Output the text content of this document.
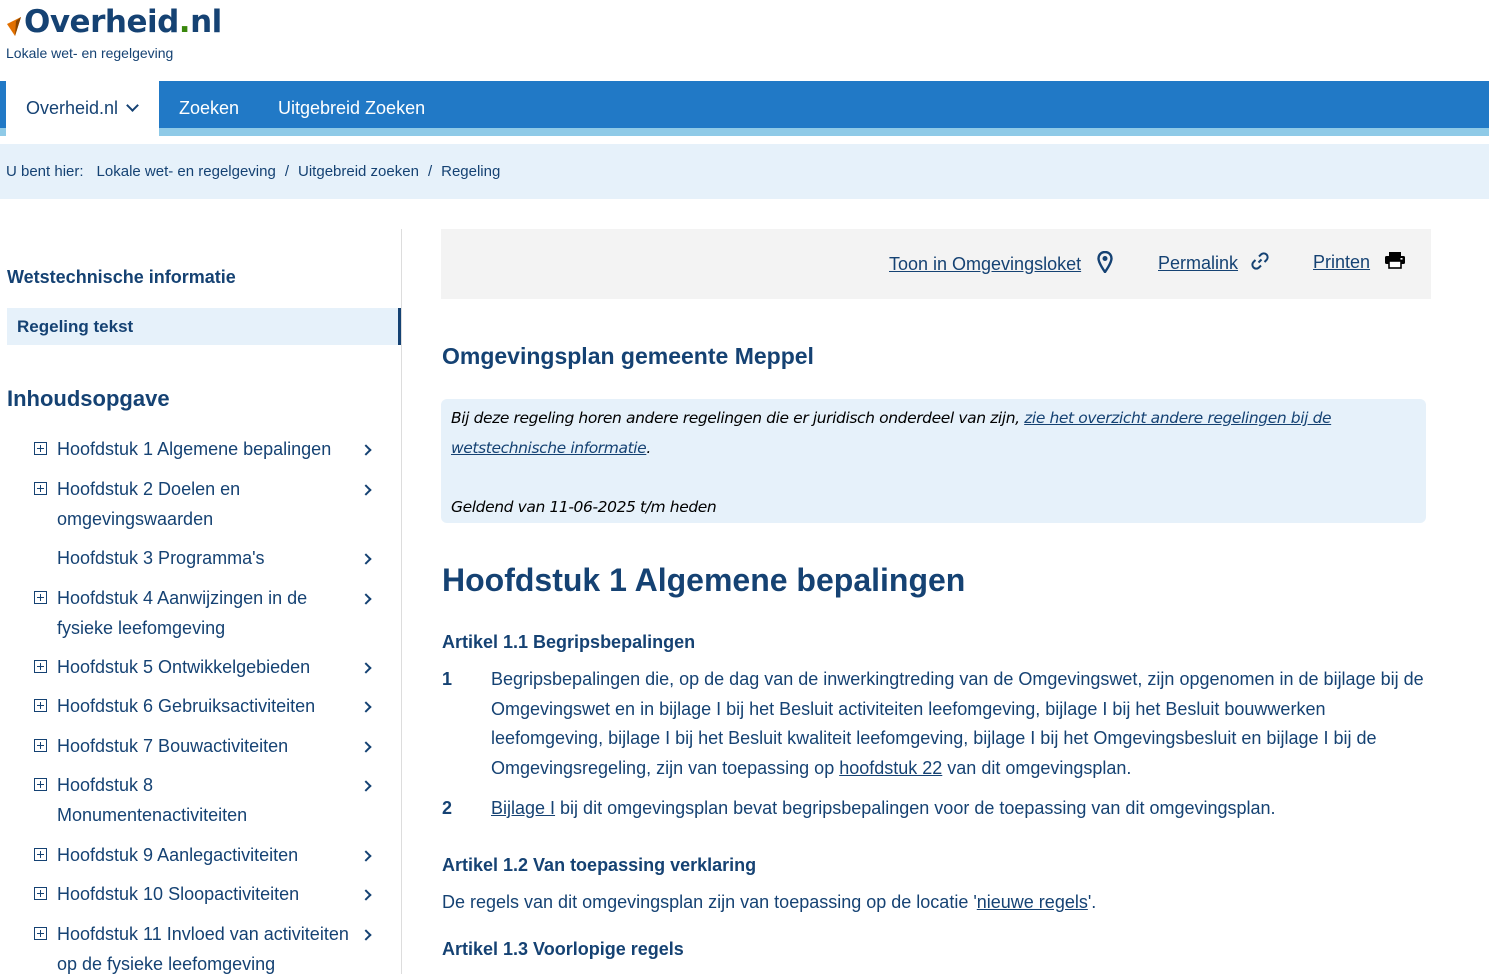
Overheid.nl
Lokale wet- en regelgeving
Overheid.nl	Zoeken Uitgebreid Zoeken
U bent hier: Lokale wet- en regelgeving / Uitgebreid zoeken / Regeling
Wetstechnische informatie
Regeling tekst
Inhoudsopgave
Hoofdstuk 1 Algemene bepalingen
Hoofdstuk 2 Doelen en omgevingswaarden
Hoofdstuk 3 Programma's
Hoofdstuk 4 Aanwijzingen in de fysieke leefomgeving
Hoofdstuk 5 Ontwikkelgebieden
Hoofdstuk 6 Gebruiksactiviteiten
Hoofdstuk 7 Bouwactiviteiten
Hoofdstuk 8 Monumentenactiviteiten
Hoofdstuk 9 Aanlegactiviteiten
Hoofdstuk 10 Sloopactiviteiten
Hoofdstuk 11 Invloed van activiteiten op de fysieke leefomgeving
Toon in Omgevingsloket	Permalink	Printen
Omgevingsplan gemeente Meppel
Bij deze regeling horen andere regelingen die er juridisch onderdeel van zijn, zie het overzicht andere regelingen bij de wetstechnische informatie.
Geldend van 11-06-2025 t/m heden
Hoofdstuk 1 Algemene bepalingen
Artikel 1.1 Begripsbepalingen
1 Begripsbepalingen die, op de dag van de inwerkingtreding van de Omgevingswet, zijn opgenomen in de bijlage bij de Omgevingswet en in bijlage I bij het Besluit activiteiten leefomgeving, bijlage I bij het Besluit bouwwerken leefomgeving, bijlage I bij het Besluit kwaliteit leefomgeving, bijlage I bij het Omgevingsbesluit en bijlage I bij de Omgevingsregeling, zijn van toepassing op hoofdstuk 22 van dit omgevingsplan.
2 Bijlage I bij dit omgevingsplan bevat begripsbepalingen voor de toepassing van dit omgevingsplan.
Artikel 1.2 Van toepassing verklaring
De regels van dit omgevingsplan zijn van toepassing op de locatie 'nieuwe regels'.
Artikel 1.3 Voorlopige regels
